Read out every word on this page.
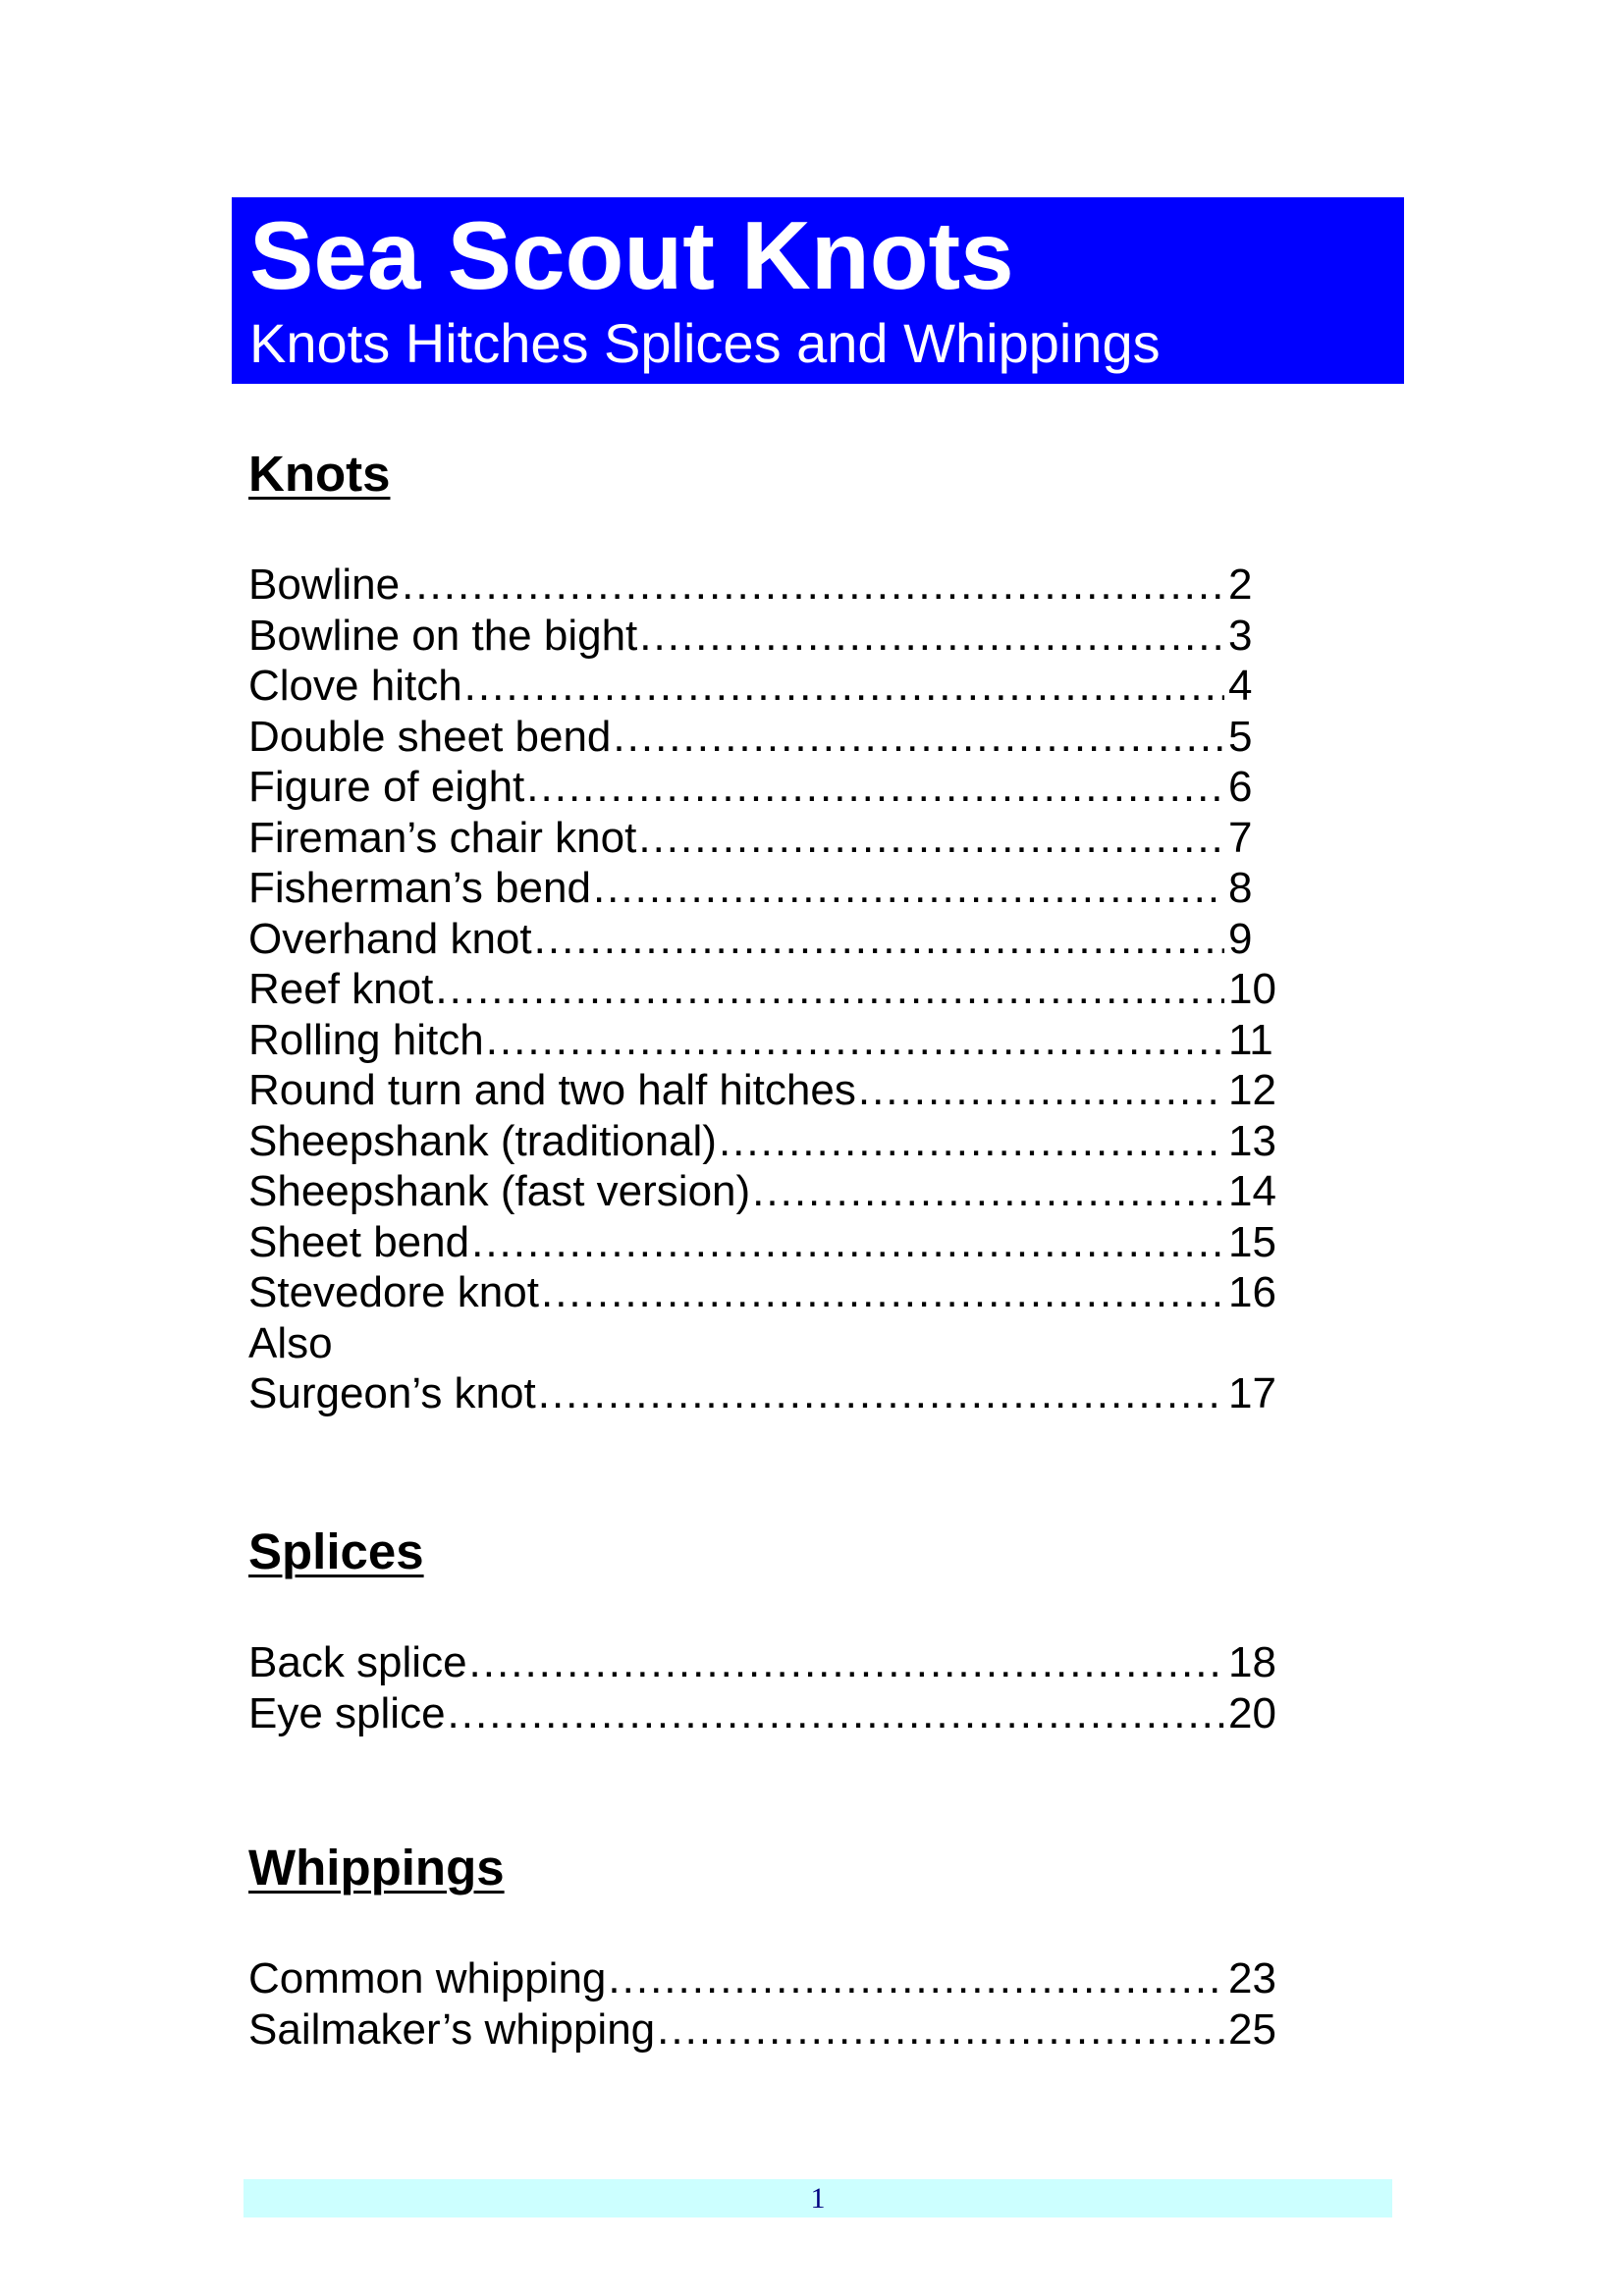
Sea Scout Knots
Knots Hitches Splices and Whippings
Knots
Bowline .....	2
Bowline on the bight .....	3
Clove hitch .....	4
Double sheet bend .....	5
Figure of eight .....	6
Fireman’s chair knot .....	7
Fisherman’s bend .....	8
Overhand knot .....	9
Reef knot .....	10
Rolling hitch .....	11
Round turn and two half hitches .....	12
Sheepshank (traditional) .....	13
Sheepshank (fast version) .....	14
Sheet bend .....	15
Stevedore knot .....	16
Also
Surgeon’s knot .....	17
Splices
Back splice .....	18
Eye splice .....	20
Whippings
Common whipping .....	23
Sailmaker’s whipping .....	25
1
